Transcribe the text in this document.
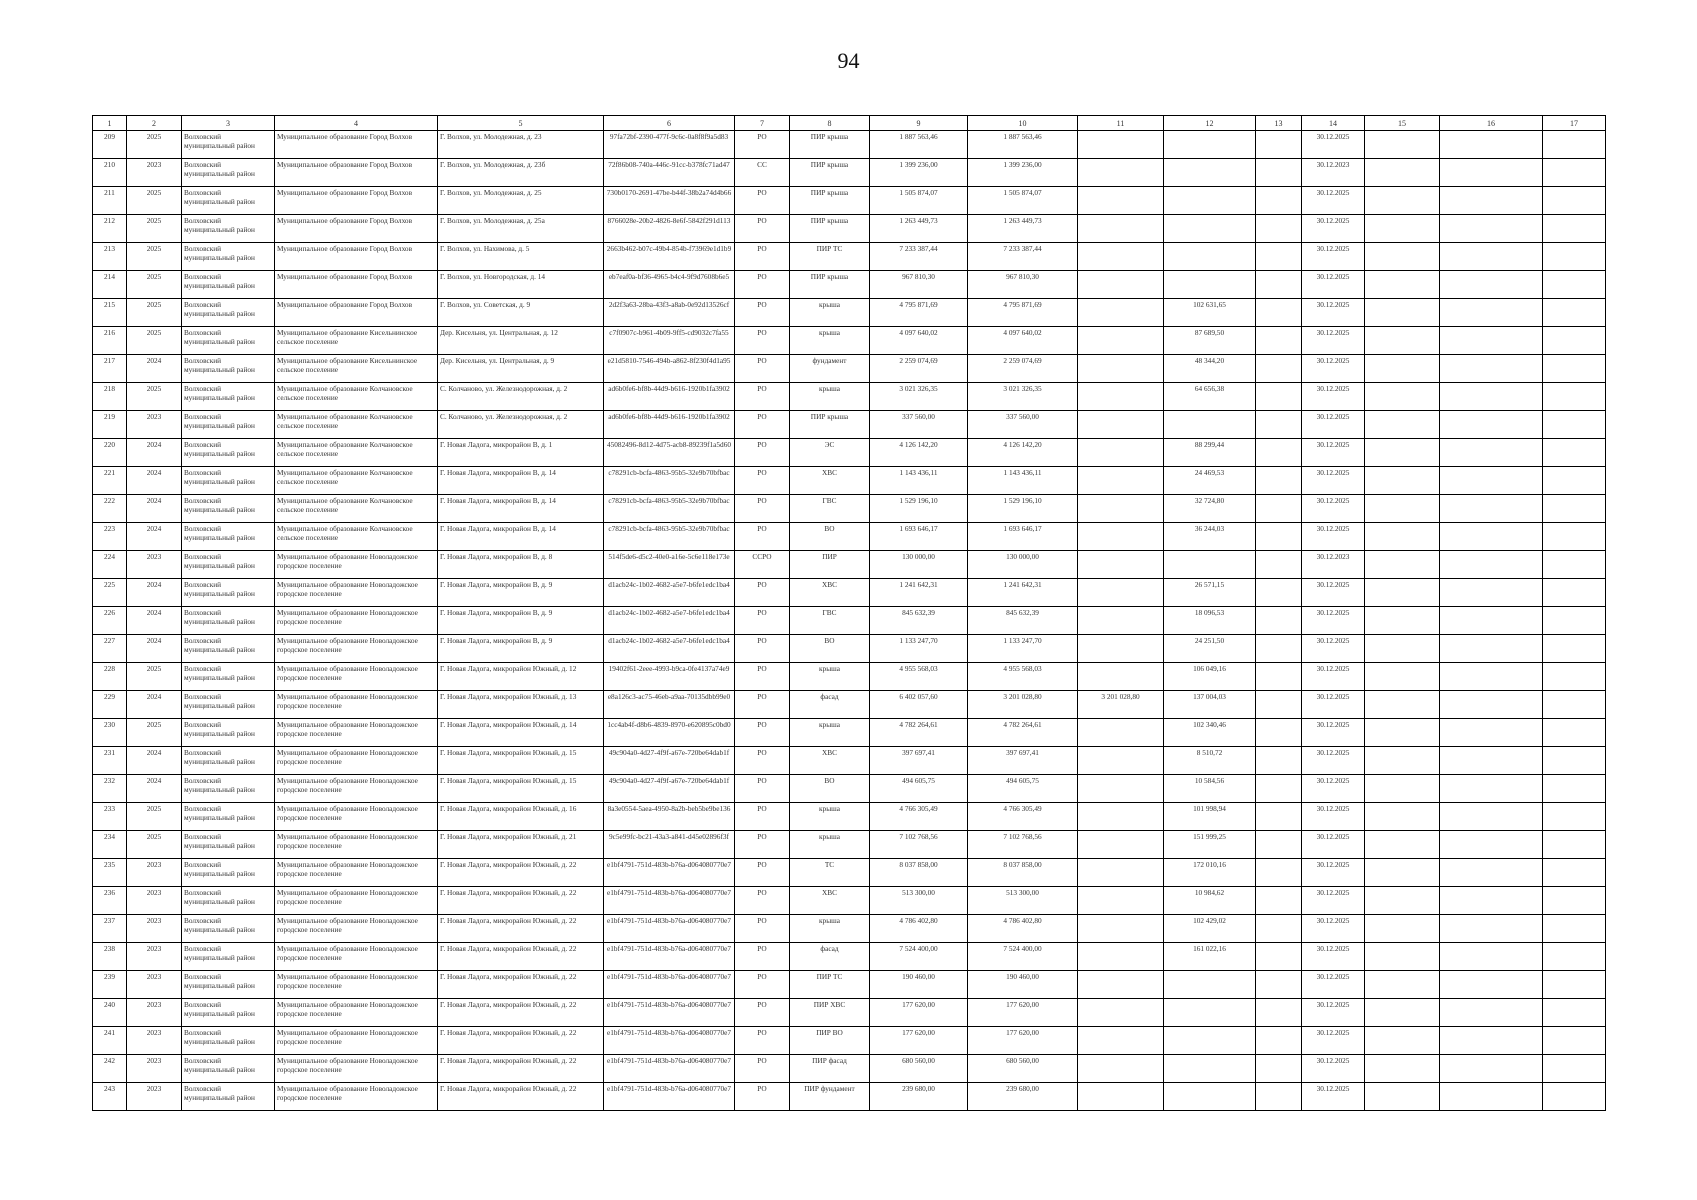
94
1	2	3	4	5	6	7	8	9	10	11	12	13	14	15	16	17
209	2025	Волховский муниципальный район	Муниципальное образование Город Волхов	Г. Волхов, ул. Молодежная, д. 23	97fa72bf-2390-477f-9c6c-0a8f8f9a5d83	РО	ПИР крыша	1 887 563,46	1 887 563,46				30.12.2025			
210	2023	Волховский муниципальный район	Муниципальное образование Город Волхов	Г. Волхов, ул. Молодежная, д. 23б	72f86b08-740a-446c-91cc-b378fc71ad47	СС	ПИР крыша	1 399 236,00	1 399 236,00				30.12.2023			
211	2025	Волховский муниципальный район	Муниципальное образование Город Волхов	Г. Волхов, ул. Молодежная, д. 25	730b0170-2691-47be-b44f-38b2a74d4b66	РО	ПИР крыша	1 505 874,07	1 505 874,07				30.12.2025			
212	2025	Волховский муниципальный район	Муниципальное образование Город Волхов	Г. Волхов, ул. Молодежная, д. 25а	8766028e-20b2-4826-8e6f-5842f291d113	РО	ПИР крыша	1 263 449,73	1 263 449,73				30.12.2025			
213	2025	Волховский муниципальный район	Муниципальное образование Город Волхов	Г. Волхов, ул. Нахимова, д. 5	2663b462-b07c-49b4-854b-f73969e1d1b9	РО	ПИР ТС	7 233 387,44	7 233 387,44				30.12.2025			
214	2025	Волховский муниципальный район	Муниципальное образование Город Волхов	Г. Волхов, ул. Новгородская, д. 14	eb7eaf0a-bf36-4965-b4c4-9f9d7608b6e5	РО	ПИР крыша	967 810,30	967 810,30				30.12.2025			
215	2025	Волховский муниципальный район	Муниципальное образование Город Волхов	Г. Волхов, ул. Советская, д. 9	2d2f3a63-28ba-43f3-a8ab-0e92d13526cf	РО	крыша	4 795 871,69	4 795 871,69		102 631,65		30.12.2025			
216	2025	Волховский муниципальный район	Муниципальное образование Кисельнинское сельское поселение	Дер. Кисельня, ул. Центральная, д. 12	c7f0907c-b961-4b09-9ff5-cd9032c7fa55	РО	крыша	4 097 640,02	4 097 640,02		87 689,50		30.12.2025			
217	2024	Волховский муниципальный район	Муниципальное образование Кисельнинское сельское поселение	Дер. Кисельня, ул. Центральная, д. 9	e21d5810-7546-494b-a862-8f230f4d1a95	РО	фундамент	2 259 074,69	2 259 074,69		48 344,20		30.12.2025			
218	2025	Волховский муниципальный район	Муниципальное образование Колчановское сельское поселение	С. Колчаново, ул. Железнодорожная, д. 2	ad6b0fe6-bf8b-44d9-b616-1920b1fa3902	РО	крыша	3 021 326,35	3 021 326,35		64 656,38		30.12.2025			
219	2023	Волховский муниципальный район	Муниципальное образование Колчановское сельское поселение	С. Колчаново, ул. Железнодорожная, д. 2	ad6b0fe6-bf8b-44d9-b616-1920b1fa3902	РО	ПИР крыша	337 560,00	337 560,00				30.12.2025			
220	2024	Волховский муниципальный район	Муниципальное образование Колчановское сельское поселение	Г. Новая Ладога, микрорайон В, д. 1	45082496-8d12-4d75-acb8-89239f1a5d60	РО	ЭС	4 126 142,20	4 126 142,20		88 299,44		30.12.2025			
221	2024	Волховский муниципальный район	Муниципальное образование Колчановское сельское поселение	Г. Новая Ладога, микрорайон В, д. 14	c78291cb-bcfa-4863-95b5-32e9b70bfbac	РО	ХВС	1 143 436,11	1 143 436,11		24 469,53		30.12.2025			
222	2024	Волховский муниципальный район	Муниципальное образование Колчановское сельское поселение	Г. Новая Ладога, микрорайон В, д. 14	c78291cb-bcfa-4863-95b5-32e9b70bfbac	РО	ГВС	1 529 196,10	1 529 196,10		32 724,80		30.12.2025			
223	2024	Волховский муниципальный район	Муниципальное образование Колчановское сельское поселение	Г. Новая Ладога, микрорайон В, д. 14	c78291cb-bcfa-4863-95b5-32e9b70bfbac	РО	ВО	1 693 646,17	1 693 646,17		36 244,03		30.12.2025			
224	2023	Волховский муниципальный район	Муниципальное образование Новоладожское городское поселение	Г. Новая Ладога, микрорайон В, д. 8	514f5de6-d5c2-40e0-a16e-5c6e118e173e	ССРО	ПИР	130 000,00	130 000,00				30.12.2023			
225	2024	Волховский муниципальный район	Муниципальное образование Новоладожское городское поселение	Г. Новая Ладога, микрорайон В, д. 9	d1acb24c-1b02-4682-a5e7-b6fe1edc1ba4	РО	ХВС	1 241 642,31	1 241 642,31		26 571,15		30.12.2025			
226	2024	Волховский муниципальный район	Муниципальное образование Новоладожское городское поселение	Г. Новая Ладога, микрорайон В, д. 9	d1acb24c-1b02-4682-a5e7-b6fe1edc1ba4	РО	ГВС	845 632,39	845 632,39		18 096,53		30.12.2025			
227	2024	Волховский муниципальный район	Муниципальное образование Новоладожское городское поселение	Г. Новая Ладога, микрорайон В, д. 9	d1acb24c-1b02-4682-a5e7-b6fe1edc1ba4	РО	ВО	1 133 247,70	1 133 247,70		24 251,50		30.12.2025			
228	2025	Волховский муниципальный район	Муниципальное образование Новоладожское городское поселение	Г. Новая Ладога, микрорайон Южный, д. 12	19402f61-2eee-4993-b9ca-0fe4137a74e9	РО	крыша	4 955 568,03	4 955 568,03		106 049,16		30.12.2025			
229	2024	Волховский муниципальный район	Муниципальное образование Новоладожское городское поселение	Г. Новая Ладога, микрорайон Южный, д. 13	e8a126c3-ac75-46eb-a9aa-70135dbb99e0	РО	фасад	6 402 057,60	3 201 028,80	3 201 028,80	137 004,03		30.12.2025			
230	2025	Волховский муниципальный район	Муниципальное образование Новоладожское городское поселение	Г. Новая Ладога, микрорайон Южный, д. 14	1cc4ab4f-d8b6-4839-8970-e620895c0bd0	РО	крыша	4 782 264,61	4 782 264,61		102 340,46		30.12.2025			
231	2024	Волховский муниципальный район	Муниципальное образование Новоладожское городское поселение	Г. Новая Ладога, микрорайон Южный, д. 15	49c904a0-4d27-4f9f-a67e-720be64dab1f	РО	ХВС	397 697,41	397 697,41		8 510,72		30.12.2025			
232	2024	Волховский муниципальный район	Муниципальное образование Новоладожское городское поселение	Г. Новая Ладога, микрорайон Южный, д. 15	49c904a0-4d27-4f9f-a67e-720be64dab1f	РО	ВО	494 605,75	494 605,75		10 584,56		30.12.2025			
233	2025	Волховский муниципальный район	Муниципальное образование Новоладожское городское поселение	Г. Новая Ладога, микрорайон Южный, д. 16	8a3e0554-5aea-4950-8a2b-beb5be9be136	РО	крыша	4 766 305,49	4 766 305,49		101 998,94		30.12.2025			
234	2025	Волховский муниципальный район	Муниципальное образование Новоладожское городское поселение	Г. Новая Ладога, микрорайон Южный, д. 21	9c5e99fc-bc21-43a3-a841-d45e02896f3f	РО	крыша	7 102 768,56	7 102 768,56		151 999,25		30.12.2025			
235	2023	Волховский муниципальный район	Муниципальное образование Новоладожское городское поселение	Г. Новая Ладога, микрорайон Южный, д. 22	e1bf4791-751d-483b-b76a-d064080770e7	РО	ТС	8 037 858,00	8 037 858,00		172 010,16		30.12.2025			
236	2023	Волховский муниципальный район	Муниципальное образование Новоладожское городское поселение	Г. Новая Ладога, микрорайон Южный, д. 22	e1bf4791-751d-483b-b76a-d064080770e7	РО	ХВС	513 300,00	513 300,00		10 984,62		30.12.2025			
237	2023	Волховский муниципальный район	Муниципальное образование Новоладожское городское поселение	Г. Новая Ладога, микрорайон Южный, д. 22	e1bf4791-751d-483b-b76a-d064080770e7	РО	крыша	4 786 402,80	4 786 402,80		102 429,02		30.12.2025			
238	2023	Волховский муниципальный район	Муниципальное образование Новоладожское городское поселение	Г. Новая Ладога, микрорайон Южный, д. 22	e1bf4791-751d-483b-b76a-d064080770e7	РО	фасад	7 524 400,00	7 524 400,00		161 022,16		30.12.2025			
239	2023	Волховский муниципальный район	Муниципальное образование Новоладожское городское поселение	Г. Новая Ладога, микрорайон Южный, д. 22	e1bf4791-751d-483b-b76a-d064080770e7	РО	ПИР ТС	190 460,00	190 460,00				30.12.2025			
240	2023	Волховский муниципальный район	Муниципальное образование Новоладожское городское поселение	Г. Новая Ладога, микрорайон Южный, д. 22	e1bf4791-751d-483b-b76a-d064080770e7	РО	ПИР ХВС	177 620,00	177 620,00				30.12.2025			
241	2023	Волховский муниципальный район	Муниципальное образование Новоладожское городское поселение	Г. Новая Ладога, микрорайон Южный, д. 22	e1bf4791-751d-483b-b76a-d064080770e7	РО	ПИР ВО	177 620,00	177 620,00				30.12.2025			
242	2023	Волховский муниципальный район	Муниципальное образование Новоладожское городское поселение	Г. Новая Ладога, микрорайон Южный, д. 22	e1bf4791-751d-483b-b76a-d064080770e7	РО	ПИР фасад	680 560,00	680 560,00				30.12.2025			
243	2023	Волховский муниципальный район	Муниципальное образование Новоладожское городское поселение	Г. Новая Ладога, микрорайон Южный, д. 22	e1bf4791-751d-483b-b76a-d064080770e7	РО	ПИР фундамент	239 680,00	239 680,00				30.12.2025			
